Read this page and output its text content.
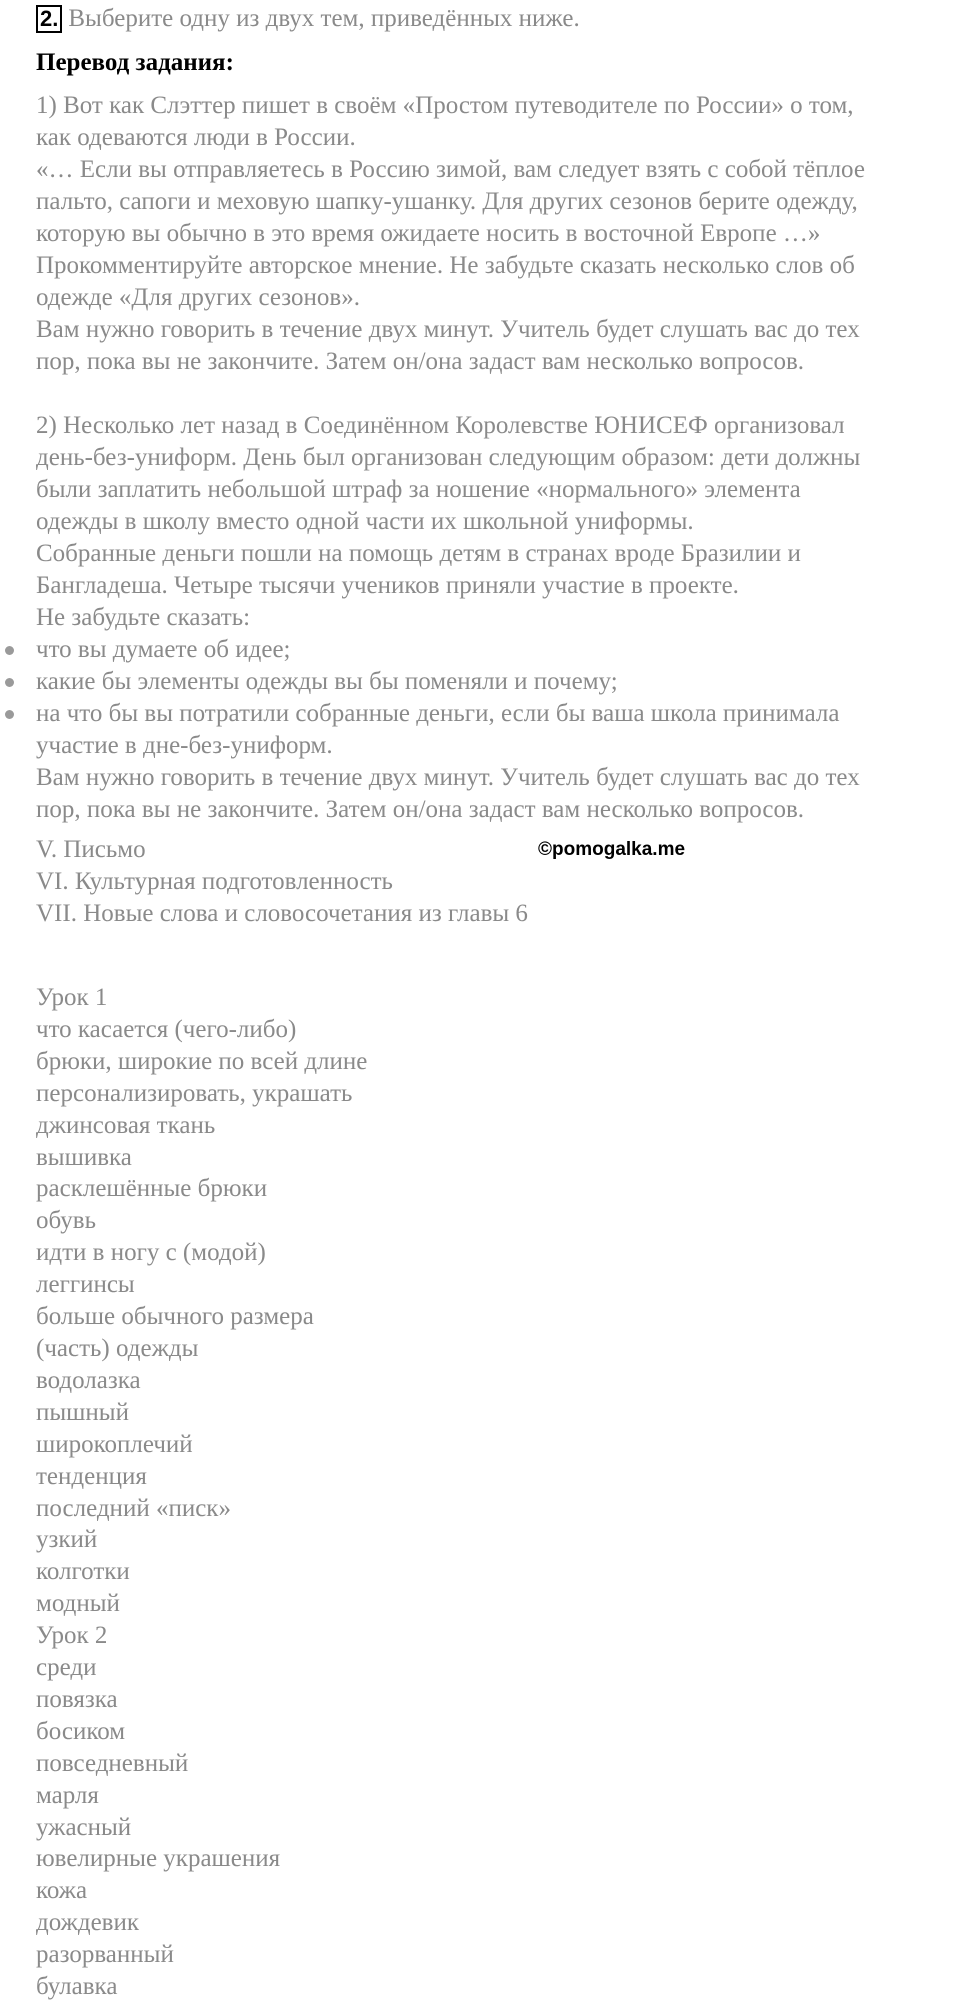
2. Выберите одну из двух тем, приведённых ниже.
Перевод задания:
1) Вот как Слэттер пишет в своём «Простом путеводителе по России» о том,
как одеваются люди в России.
«… Если вы отправляетесь в Россию зимой, вам следует взять с собой тёплое
пальто, сапоги и меховую шапку-ушанку. Для других сезонов берите одежду,
которую вы обычно в это время ожидаете носить в восточной Европе …»
Прокомментируйте авторское мнение. Не забудьте сказать несколько слов об
одежде «Для других сезонов».
Вам нужно говорить в течение двух минут. Учитель будет слушать вас до тех
пор, пока вы не закончите. Затем он/она задаст вам несколько вопросов.
2) Несколько лет назад в Соединённом Королевстве ЮНИСЕФ организовал
день-без-униформ. День был организован следующим образом: дети должны
были заплатить небольшой штраф за ношение «нормального» элемента
одежды в школу вместо одной части их школьной униформы.
Собранные деньги пошли на помощь детям в странах вроде Бразилии и
Бангладеша. Четыре тысячи учеников приняли участие в проекте.
Не забудьте сказать:
что вы думаете об идее;
какие бы элементы одежды вы бы поменяли и почему;
на что бы вы потратили собранные деньги, если бы ваша школа принимала
участие в дне-без-униформ.
Вам нужно говорить в течение двух минут. Учитель будет слушать вас до тех
пор, пока вы не закончите. Затем он/она задаст вам несколько вопросов.
V. Письмо
VI. Культурная подготовленность
VII. Новые слова и словосочетания из главы 6
©pomogalka.me
Урок 1
что касается (чего-либо)
брюки, широкие по всей длине
персонализировать, украшать
джинсовая ткань
вышивка
расклешённые брюки
обувь
идти в ногу с (модой)
леггинсы
больше обычного размера
(часть) одежды
водолазка
пышный
широкоплечий
тенденция
последний «писк»
узкий
колготки
модный
Урок 2
среди
повязка
босиком
повседневный
марля
ужасный
ювелирные украшения
кожа
дождевик
разорванный
булавка
